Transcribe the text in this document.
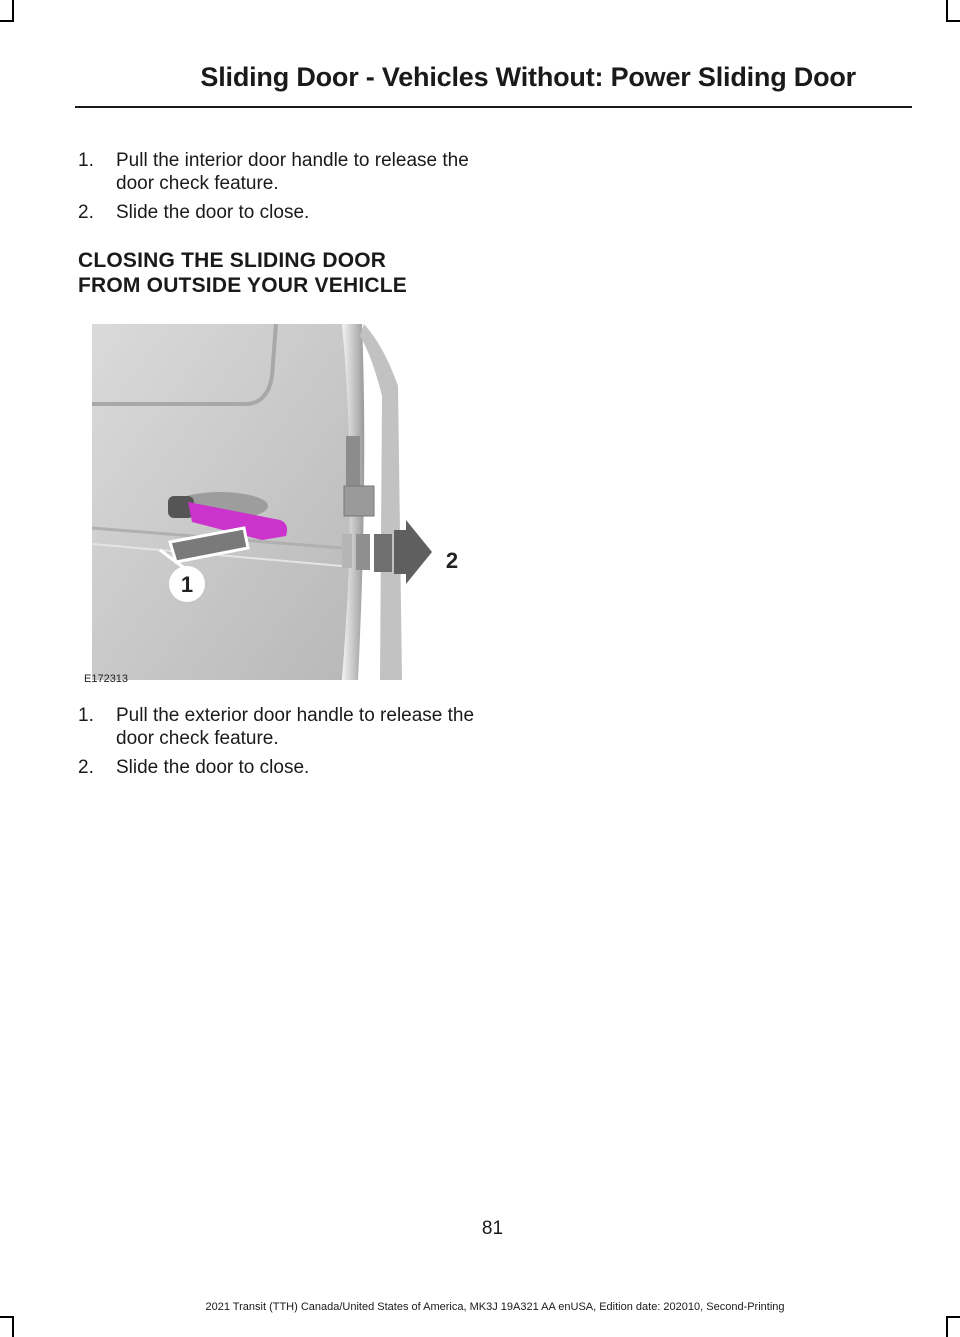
Sliding Door - Vehicles Without: Power Sliding Door
1. Pull the interior door handle to release the door check feature.
2. Slide the door to close.
CLOSING THE SLIDING DOOR
FROM OUTSIDE YOUR VEHICLE
1
2
E172313
1. Pull the exterior door handle to release the door check feature.
2. Slide the door to close.
81
2021 Transit (TTH) Canada/United States of America, MK3J 19A321 AA enUSA, Edition date: 202010, Second-Printing
